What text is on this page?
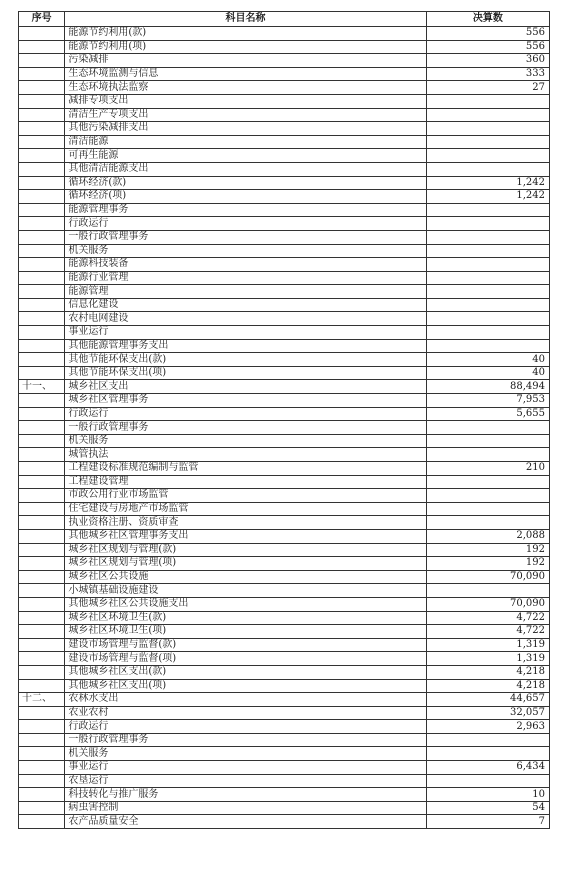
序号	科目名称	决算数
	能源节约利用(款)	556
	能源节约利用(项)	556
	污染减排	360
	生态环境监测与信息	333
	生态环境执法监察	27
	减排专项支出	
	清洁生产专项支出	
	其他污染减排支出	
	清洁能源	
	可再生能源	
	其他清洁能源支出	
	循环经济(款)	1,242
	循环经济(项)	1,242
	能源管理事务	
	行政运行	
	一般行政管理事务	
	机关服务	
	能源科技装备	
	能源行业管理	
	能源管理	
	信息化建设	
	农村电网建设	
	事业运行	
	其他能源管理事务支出	
	其他节能环保支出(款)	40
	其他节能环保支出(项)	40
十一、	城乡社区支出	88,494
	城乡社区管理事务	7,953
	行政运行	5,655
	一般行政管理事务	
	机关服务	
	城管执法	
	工程建设标准规范编制与监管	210
	工程建设管理	
	市政公用行业市场监管	
	住宅建设与房地产市场监管	
	执业资格注册、资质审查	
	其他城乡社区管理事务支出	2,088
	城乡社区规划与管理(款)	192
	城乡社区规划与管理(项)	192
	城乡社区公共设施	70,090
	小城镇基础设施建设	
	其他城乡社区公共设施支出	70,090
	城乡社区环境卫生(款)	4,722
	城乡社区环境卫生(项)	4,722
	建设市场管理与监督(款)	1,319
	建设市场管理与监督(项)	1,319
	其他城乡社区支出(款)	4,218
	其他城乡社区支出(项)	4,218
十二、	农林水支出	44,657
	农业农村	32,057
	行政运行	2,963
	一般行政管理事务	
	机关服务	
	事业运行	6,434
	农垦运行	
	科技转化与推广服务	10
	病虫害控制	54
	农产品质量安全	7
